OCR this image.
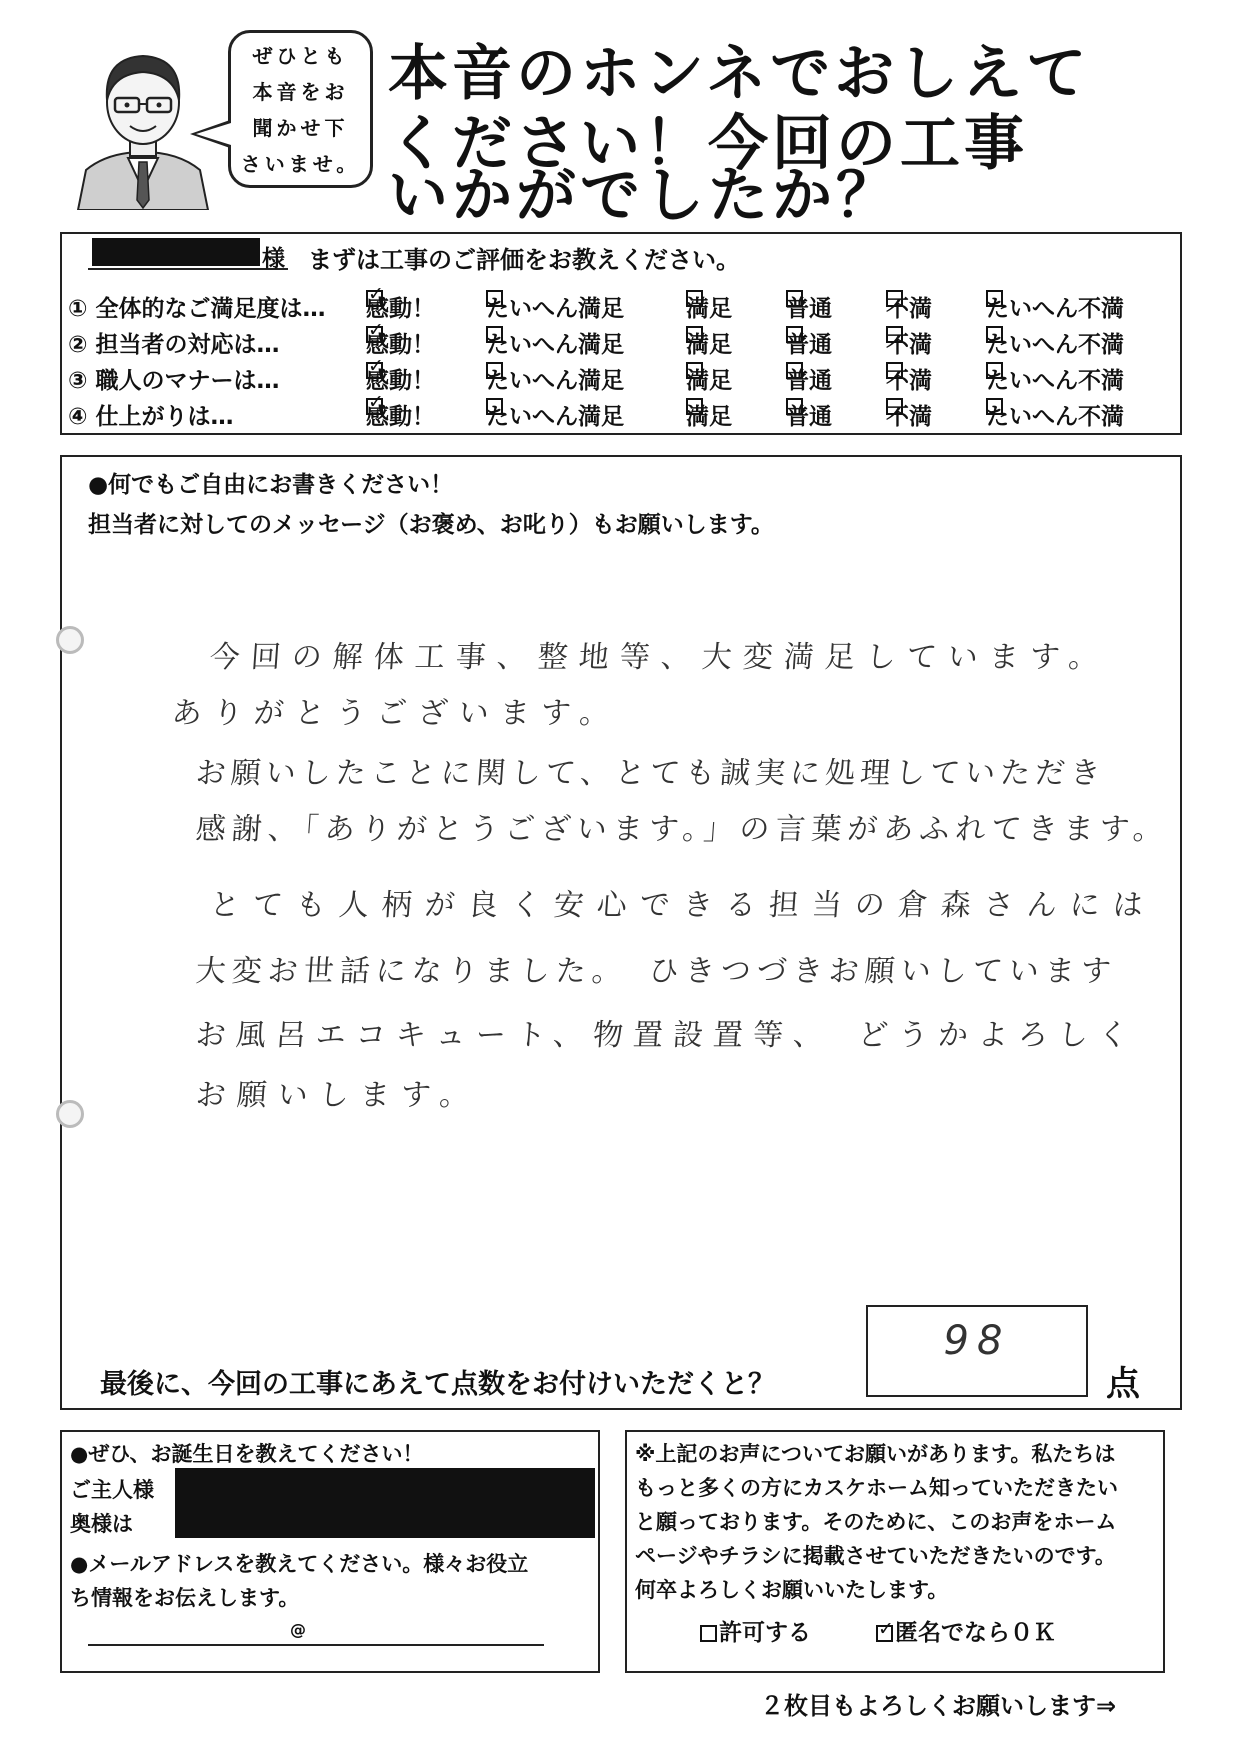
ぜひとも
本音をお
聞かせ下
さいませ。
本音のホンネでおしえて
ください！今回の工事
いかがでしたか？
様 まずは工事のご評価をお教えください。
① 全体的なご満足度は… ✓ 感動！ たいへん満足	満足 普通 不満 たいへん不満
② 担当者の対応は… ✓	感動！ たいへん満足	満足 普通 不満 たいへん不満
③ 職人のマナーは… ✓	感動！ たいへん満足	満足 普通 不満 たいへん不満
④ 仕上がりは… ✓	感動！ たいへん満足	満足 普通 不満 たいへん不満
●何でもご自由にお書きください！
担当者に対してのメッセージ（お褒め、お叱り）もお願いします。
今回の解体工事、整地等、大変満足しています。
ありがとうございます。
お願いしたことに関して、とても誠実に処理していただき
感謝、「ありがとうございます。」の言葉があふれてきます。
とても人柄が良く安心できる担当の倉森さんには
大変お世話になりました。　ひきつづきお願いしています
お風呂エコキュート、物置設置等、　どうかよろしく
お願いします。
最後に、今回の工事にあえて点数をお付けいただくと？
98
点
●ぜひ、お誕生日を教えてください！
ご主人様
奥様は
●メールアドレスを教えてください。様々お役立
ち情報をお伝えします。
@
※上記のお声についてお願いがあります。私たちは
もっと多くの方にカスケホーム知っていただきたい
と願っております。そのために、このお声をホーム
ページやチラシに掲載させていただきたいのです。
何卒よろしくお願いいたします。
許可する ✓	匿名でなら０Ｋ
２枚目もよろしくお願いします⇒
